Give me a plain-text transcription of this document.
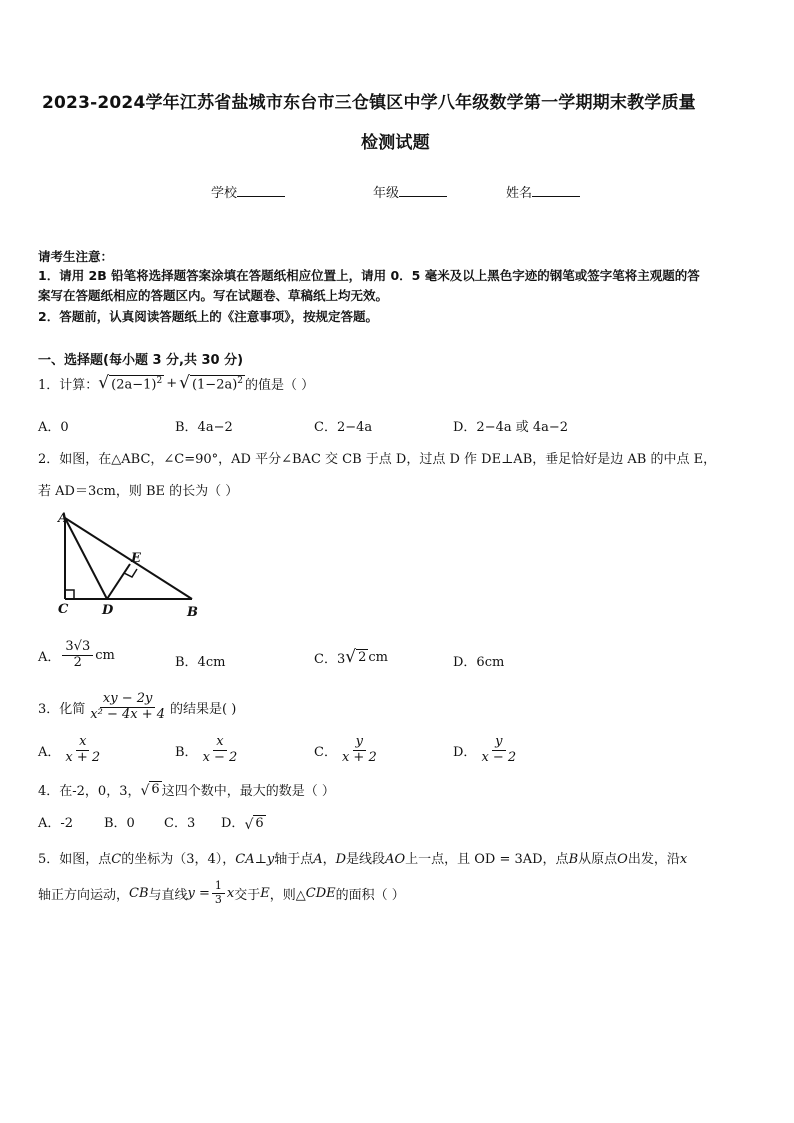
2023-2024学年江苏省盐城市东台市三仓镇区中学八年级数学第一学期期末教学质量
检测试题
学校	年级	姓名
请考生注意：
1．请用 2B 铅笔将选择题答案涂填在答题纸相应位置上，请用 0．5 毫米及以上黑色字迹的钢笔或签字笔将主观题的答
案写在答题纸相应的答题区内。写在试题卷、草稿纸上均无效。
2．答题前，认真阅读答题纸上的《注意事项》，按规定答题。
一、选择题(每小题 3 分,共 30 分)
1．计算： √ $(2a-1)^2$ + √ $(1-2a)^2$ 的值是（ ）
A．0	B．4a−2	C．2−4a	D．2−4a 或 4a−2
2．如图，在△ABC，∠C=90°，AD 平分∠BAC 交 CB 于点 D，过点 D 作 DE⊥AB，垂足恰好是边 AB 的中点 E，
若 AD＝3cm，则 BE 的长为（ ）
A
E
C	D	B
A． $\frac{3√3}{2}$ cm	B．4cm	C．3 √ 2 cm	D．6cm
3．化简 $\frac{xy - 2y}{\text{x² − 4x + 4}}$ 的结果是( )
A． $\frac{x}{x + 2}$	B． $\frac{x}{x - 2}$	C． $\frac{y}{x + 2}$	D． $\frac{y}{x - 2}$
4．在-2，0，3， √ 6 这四个数中，最大的数是（ ）
A．-2	B．0	C．3	D． √ 6
5．如图，点C的坐标为（3，4），CA⊥y轴于点A，D是线段AO上一点，且 OD = 3AD，点B从原点O出发，沿x
轴正方向运动， CB 与直线 $y = \frac{1}{3}$ x 交于 E ，则△ CDE 的面积（ ）
